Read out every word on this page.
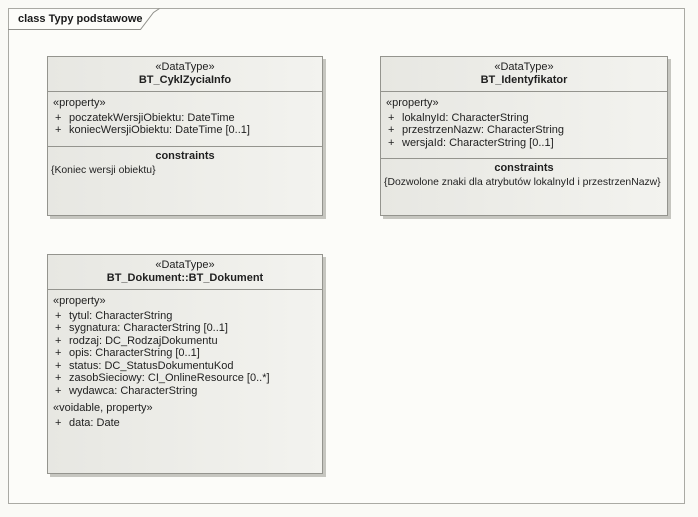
class Typy podstawowe
«DataType»
BT_CyklZyciaInfo
«property»
+ poczatekWersjiObiektu: DateTime
+ koniecWersjiObiektu: DateTime [0..1]
constraints
{Koniec wersji obiektu}
«DataType»
BT_Identyfikator
«property»
+ lokalnyId: CharacterString
+ przestrzenNazw: CharacterString
+ wersjaId: CharacterString [0..1]
constraints
{Dozwolone znaki dla atrybutów lokalnyId i przestrzenNazw}
«DataType»
BT_Dokument::BT_Dokument
«property»
+ tytul: CharacterString
+ sygnatura: CharacterString [0..1]
+ rodzaj: DC_RodzajDokumentu
+ opis: CharacterString [0..1]
+ status: DC_StatusDokumentuKod
+ zasobSieciowy: CI_OnlineResource [0..*]
+ wydawca: CharacterString
«voidable, property»
+ data: Date
